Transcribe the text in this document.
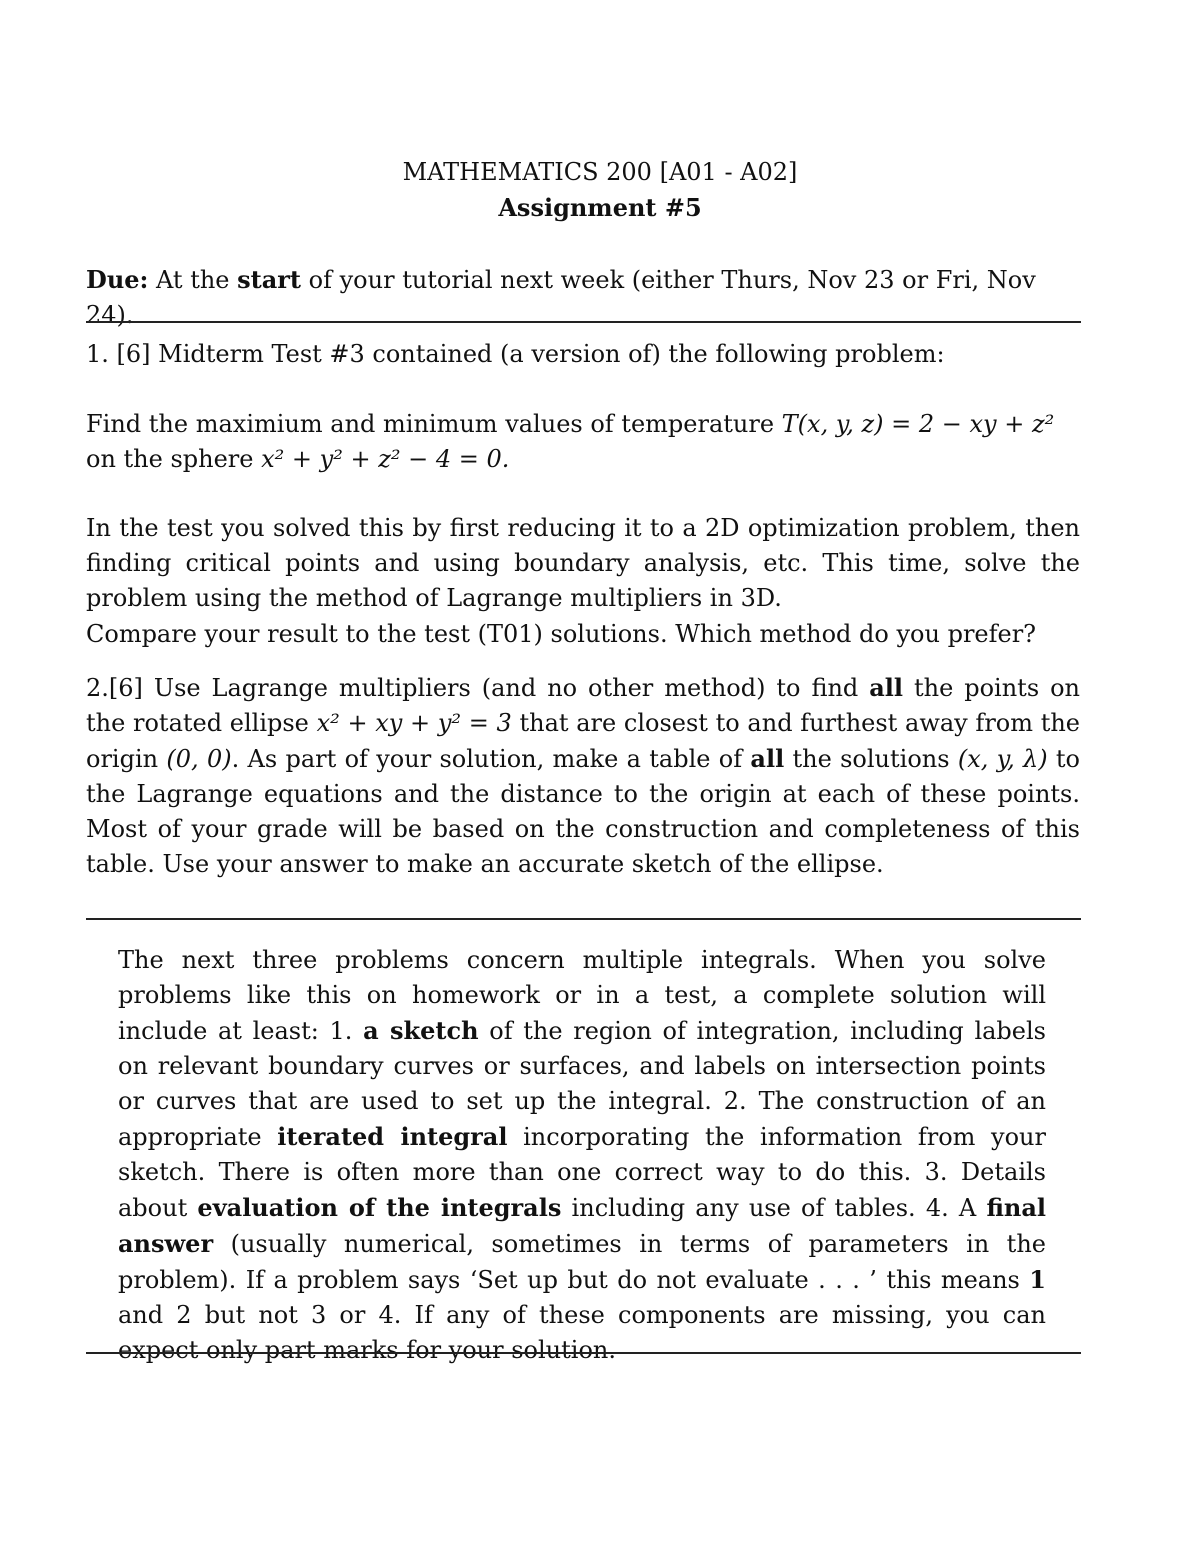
MATHEMATICS 200 [A01 - A02]
Assignment #5

Due: At the start of your tutorial next week (either Thurs, Nov 23 or Fri, Nov 24).

1. [6] Midterm Test #3 contained (a version of) the following problem:

Find the maximium and minimum values of temperature T(x, y, z) = 2 − xy + z²
on the sphere x² + y² + z² − 4 = 0.

In the test you solved this by first reducing it to a 2D optimization problem, then finding critical points and using boundary analysis, etc. This time, solve the problem using the method of Lagrange multipliers in 3D.

Compare your result to the test (T01) solutions. Which method do you prefer?

2.[6] Use Lagrange multipliers (and no other method) to find all the points on the rotated ellipse x² + xy + y² = 3 that are closest to and furthest away from the origin (0, 0). As part of your solution, make a table of all the solutions (x, y, λ) to the Lagrange equations and the distance to the origin at each of these points. Most of your grade will be based on the construction and completeness of this table. Use your answer to make an accurate sketch of the ellipse.

The next three problems concern multiple integrals. When you solve problems like this on homework or in a test, a complete solution will include at least: 1. a sketch of the region of integration, including labels on relevant boundary curves or surfaces, and labels on intersection points or curves that are used to set up the integral. 2. The construction of an appropriate iterated integral incorporating the information from your sketch. There is often more than one correct way to do this. 3. Details about evaluation of the integrals including any use of tables. 4. A final answer (usually numerical, sometimes in terms of parameters in the problem). If a problem says ‘Set up but do not evaluate . . . ’ this means 1 and 2 but not 3 or 4. If any of these components are missing, you can expect only part marks for your solution.
